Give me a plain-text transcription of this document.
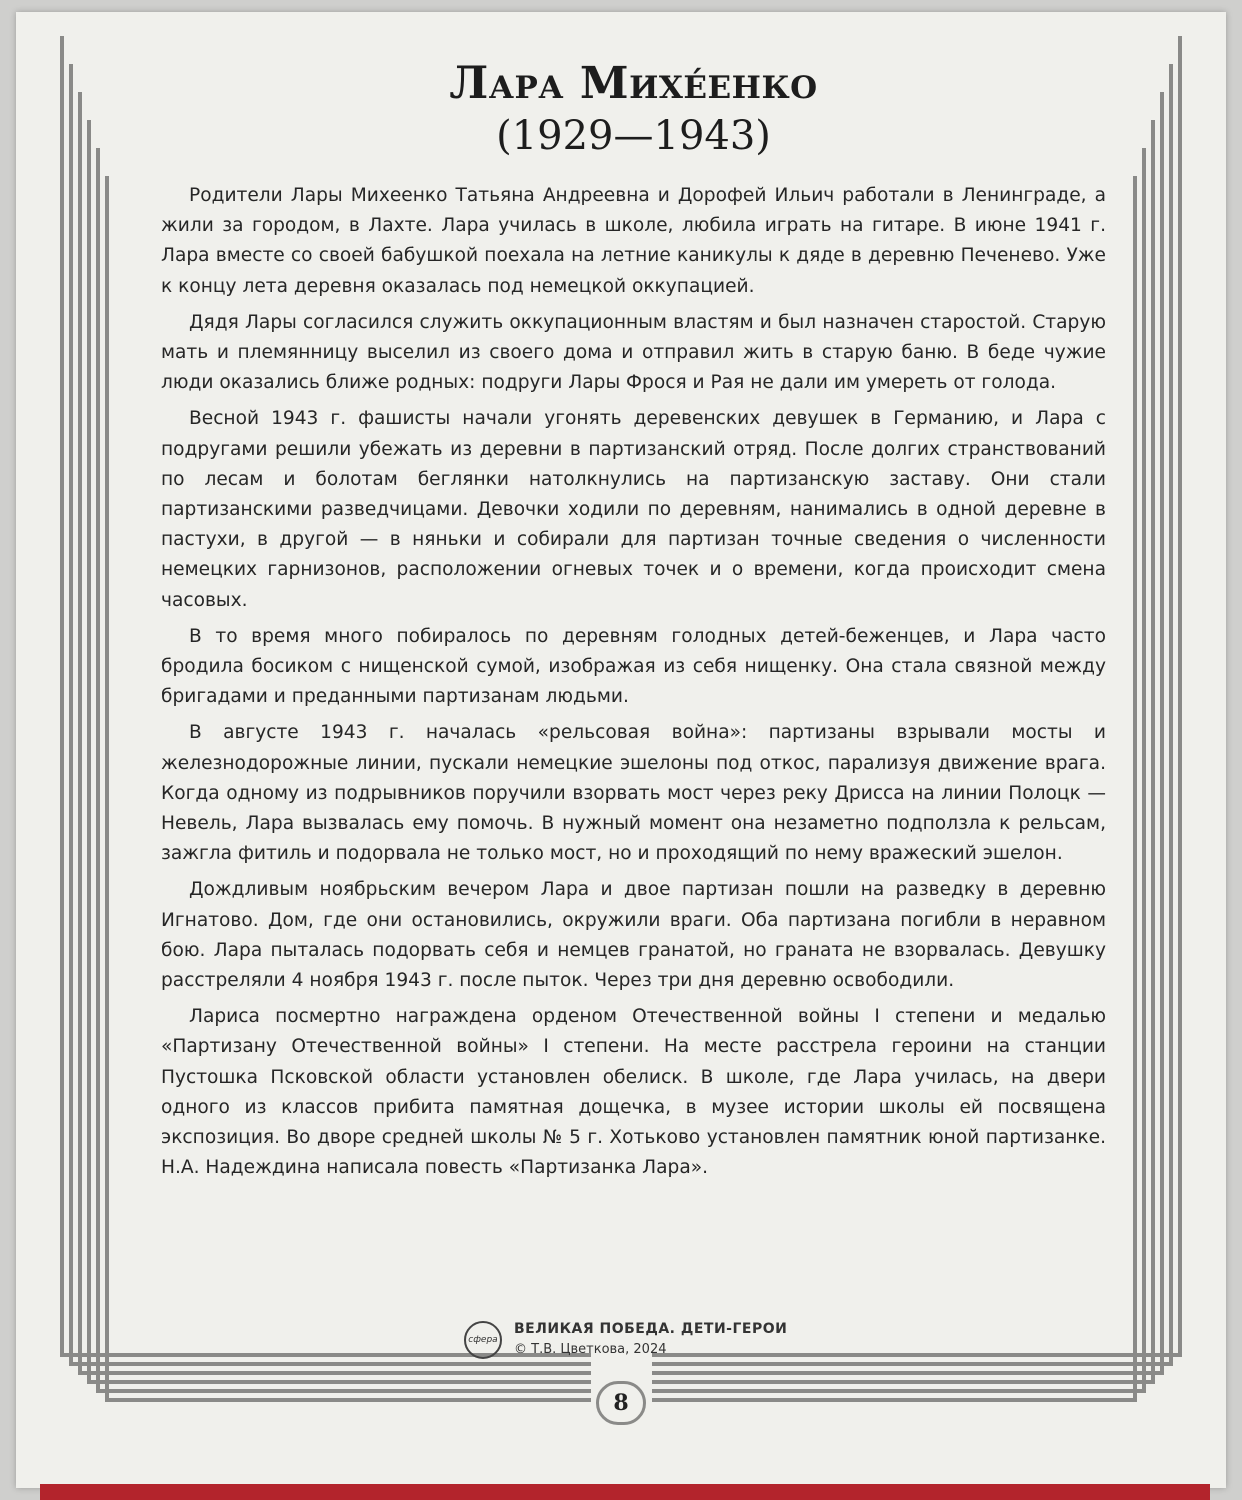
Лара Михе́енко
(1929—1943)

Родители Лары Михеенко Татьяна Андреевна и Дорофей Ильич работали в Ленинграде, а жили за городом, в Лахте. Лара училась в школе, любила играть на гитаре. В июне 1941 г. Лара вместе со своей бабушкой поехала на летние каникулы к дяде в деревню Печенево. Уже к концу лета деревня оказалась под немецкой оккупацией.

Дядя Лары согласился служить оккупационным властям и был назначен старостой. Старую мать и племянницу выселил из своего дома и отправил жить в старую баню. В беде чужие люди оказались ближе родных: подруги Лары Фрося и Рая не дали им умереть от голода.

Весной 1943 г. фашисты начали угонять деревенских девушек в Германию, и Лара с подругами решили убежать из деревни в партизанский отряд. После долгих странствований по лесам и болотам беглянки натолкнулись на партизанскую заставу. Они стали партизанскими разведчицами. Девочки ходили по деревням, нанимались в одной деревне в пастухи, в другой — в няньки и собирали для партизан точные сведения о численности немецких гарнизонов, расположении огневых точек и о времени, когда происходит смена часовых.

В то время много побиралось по деревням голодных детей-беженцев, и Лара часто бродила босиком с нищенской сумой, изображая из себя нищенку. Она стала связной между бригадами и преданными партизанам людьми.

В августе 1943 г. началась «рельсовая война»: партизаны взрывали мосты и железнодорожные линии, пускали немецкие эшелоны под откос, парализуя движение врага. Когда одному из подрывников поручили взорвать мост через реку Дрисса на линии Полоцк — Невель, Лара вызвалась ему помочь. В нужный момент она незаметно подползла к рельсам, зажгла фитиль и подорвала не только мост, но и проходящий по нему вражеский эшелон.

Дождливым ноябрьским вечером Лара и двое партизан пошли на разведку в деревню Игнатово. Дом, где они остановились, окружили враги. Оба партизана погибли в неравном бою. Лара пыталась подорвать себя и немцев гранатой, но граната не взорвалась. Девушку расстреляли 4 ноября 1943 г. после пыток. Через три дня деревню освободили.

Лариса посмертно награждена орденом Отечественной войны I степени и медалью «Партизану Отечественной войны» I степени. На месте расстрела героини на станции Пустошка Псковской области установлен обелиск. В школе, где Лара училась, на двери одного из классов прибита памятная дощечка, в музее истории школы ей посвящена экспозиция. Во дворе средней школы № 5 г. Хотьково установлен памятник юной партизанке. Н.А. Надеждина написала повесть «Партизанка Лара».

сфера
ВЕЛИКАЯ ПОБЕДА. ДЕТИ-ГЕРОИ
© Т.В. Цветкова, 2024
8
